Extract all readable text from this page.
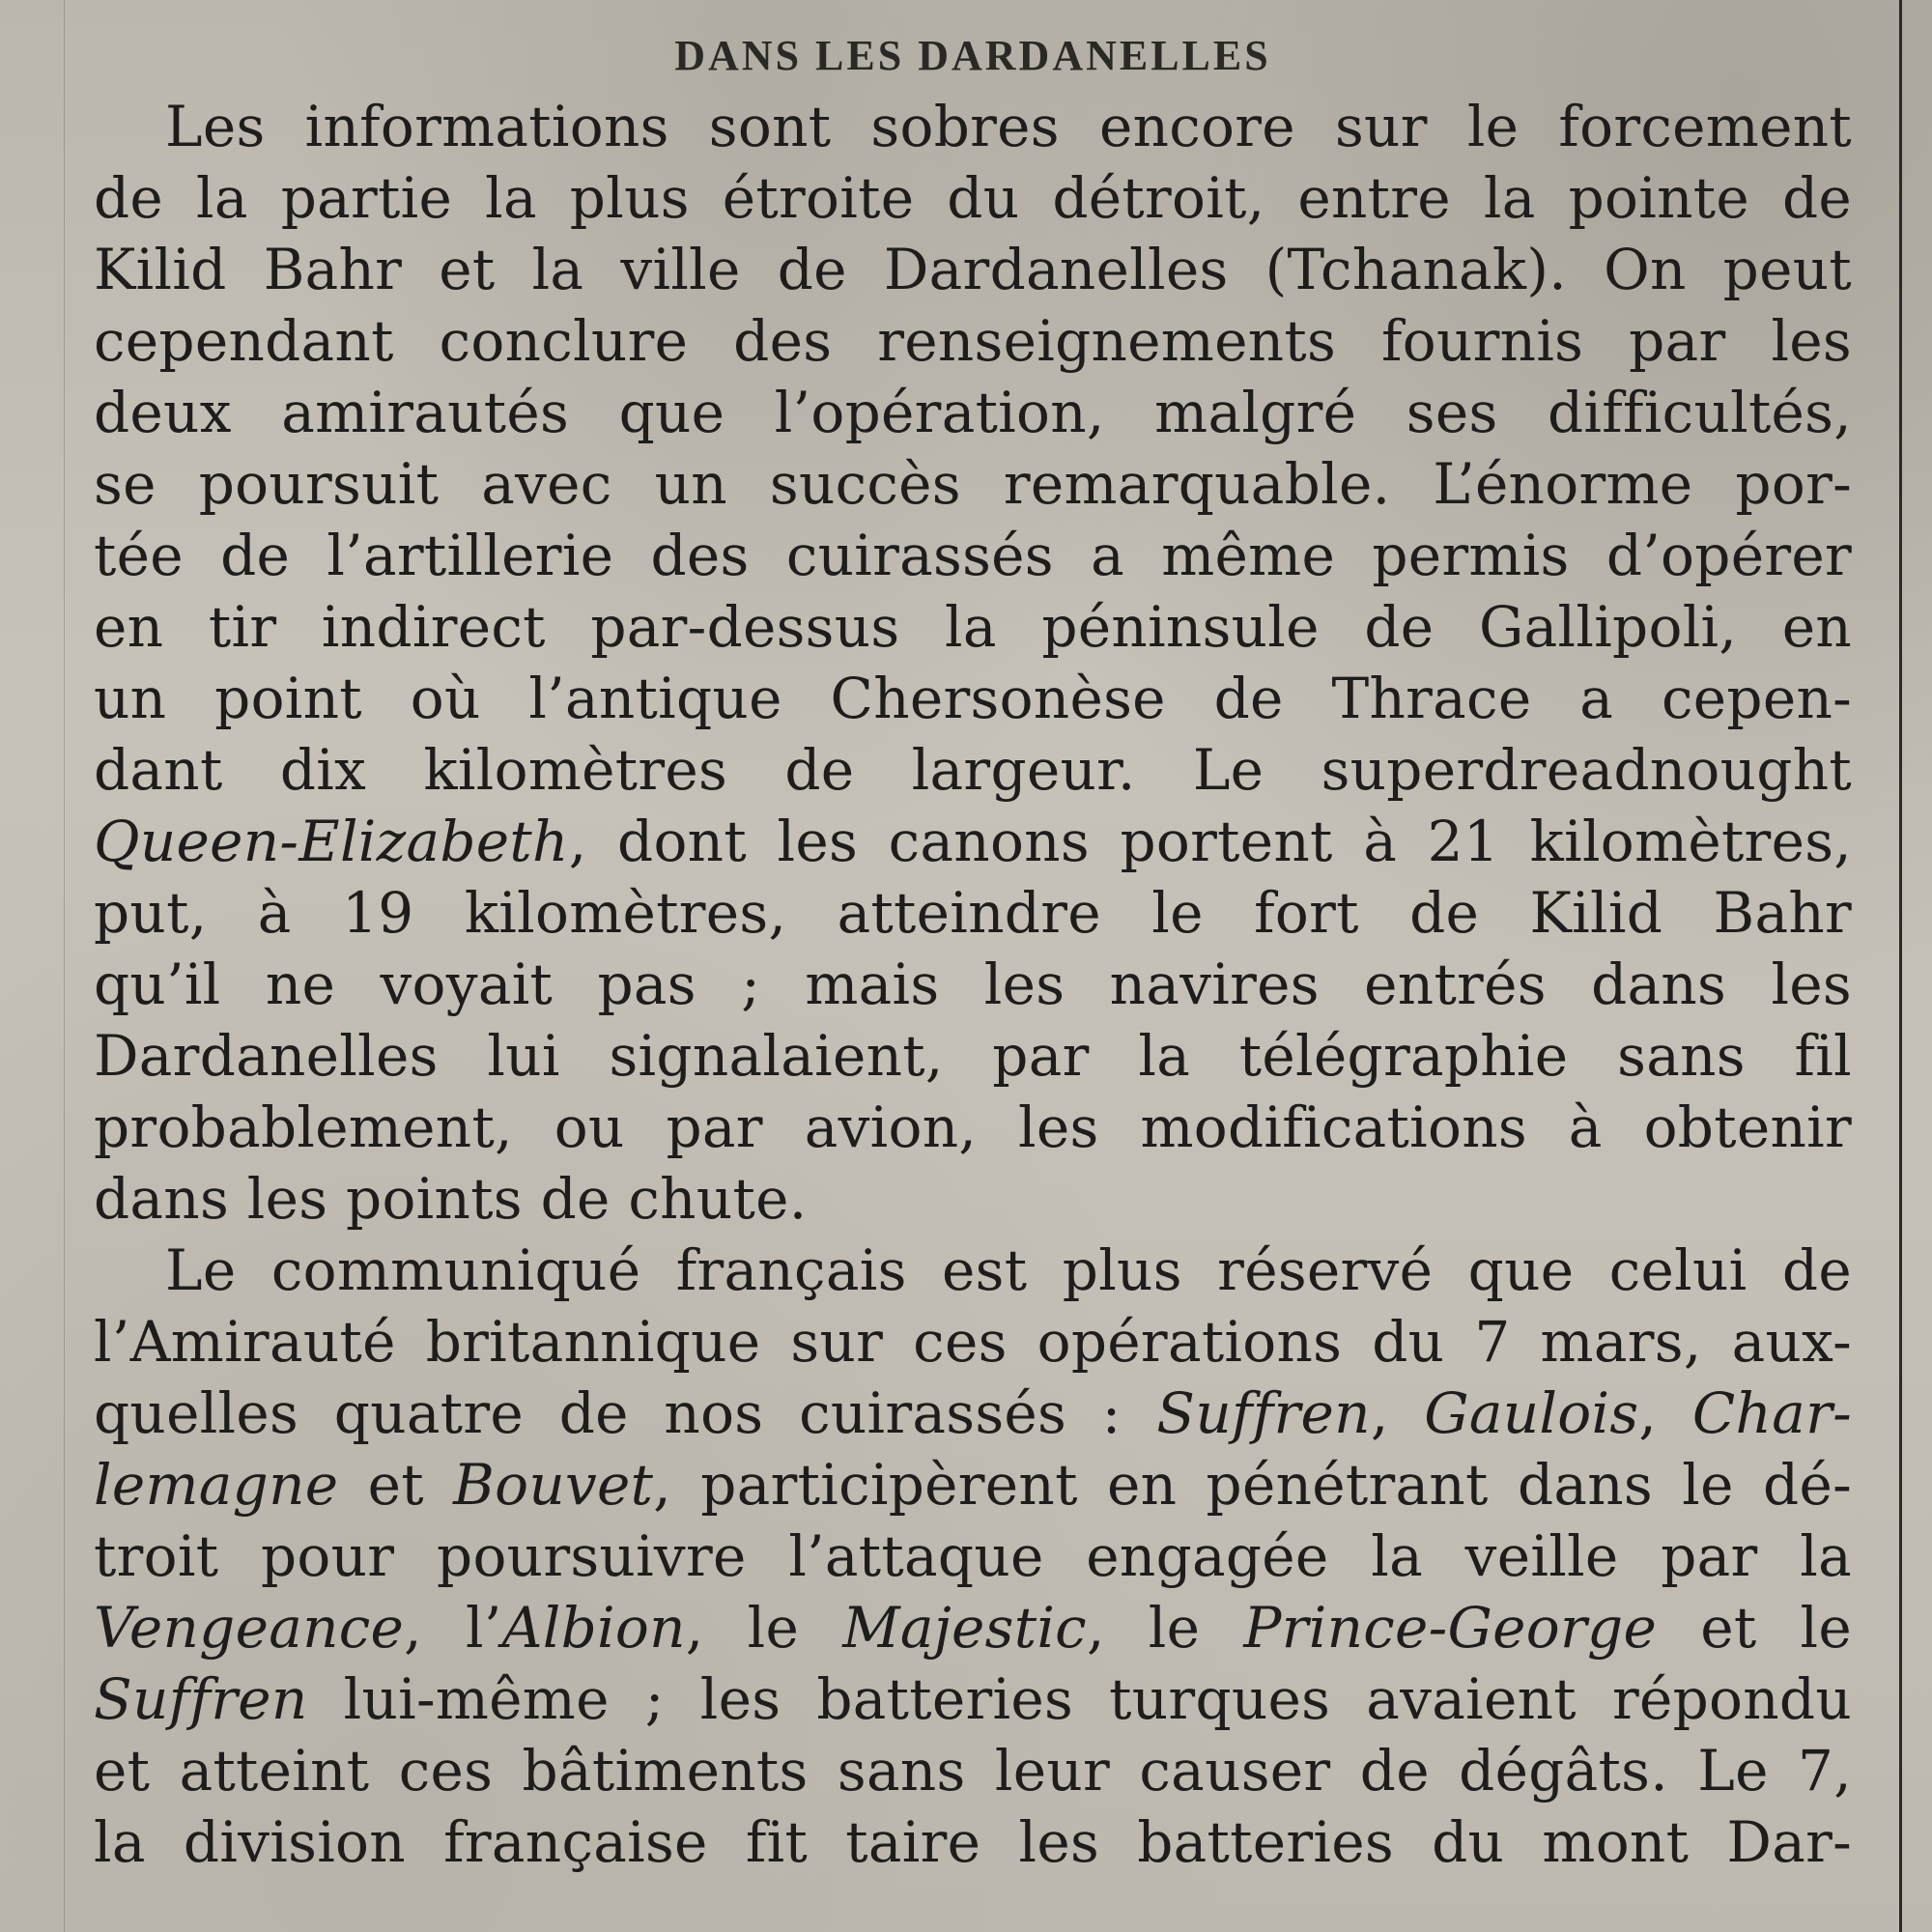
DANS LES DARDANELLES
Les informations sont sobres encore sur le forcement
de la partie la plus étroite du détroit, entre la pointe de
Kilid Bahr et la ville de Dardanelles (Tchanak). On peut
cependant conclure des renseignements fournis par les
deux amirautés que l’opération, malgré ses difficultés,
se poursuit avec un succès remarquable. L’énorme por-
tée de l’artillerie des cuirassés a même permis d’opérer
en tir indirect par-dessus la péninsule de Gallipoli, en
un point où l’antique Chersonèse de Thrace a cepen-
dant dix kilomètres de largeur. Le superdreadnought
Queen-Elizabeth, dont les canons portent à 21 kilomètres,
put, à 19 kilomètres, atteindre le fort de Kilid Bahr
qu’il ne voyait pas ; mais les navires entrés dans les
Dardanelles lui signalaient, par la télégraphie sans fil
probablement, ou par avion, les modifications à obtenir
dans les points de chute.
Le communiqué français est plus réservé que celui de
l’Amirauté britannique sur ces opérations du 7 mars, aux-
quelles quatre de nos cuirassés : Suffren, Gaulois, Char-
lemagne et Bouvet, participèrent en pénétrant dans le dé-
troit pour poursuivre l’attaque engagée la veille par la
Vengeance, l’Albion, le Majestic, le Prince-George et le
Suffren lui-même ; les batteries turques avaient répondu
et atteint ces bâtiments sans leur causer de dégâts. Le 7,
la division française fit taire les batteries du mont Dar-
